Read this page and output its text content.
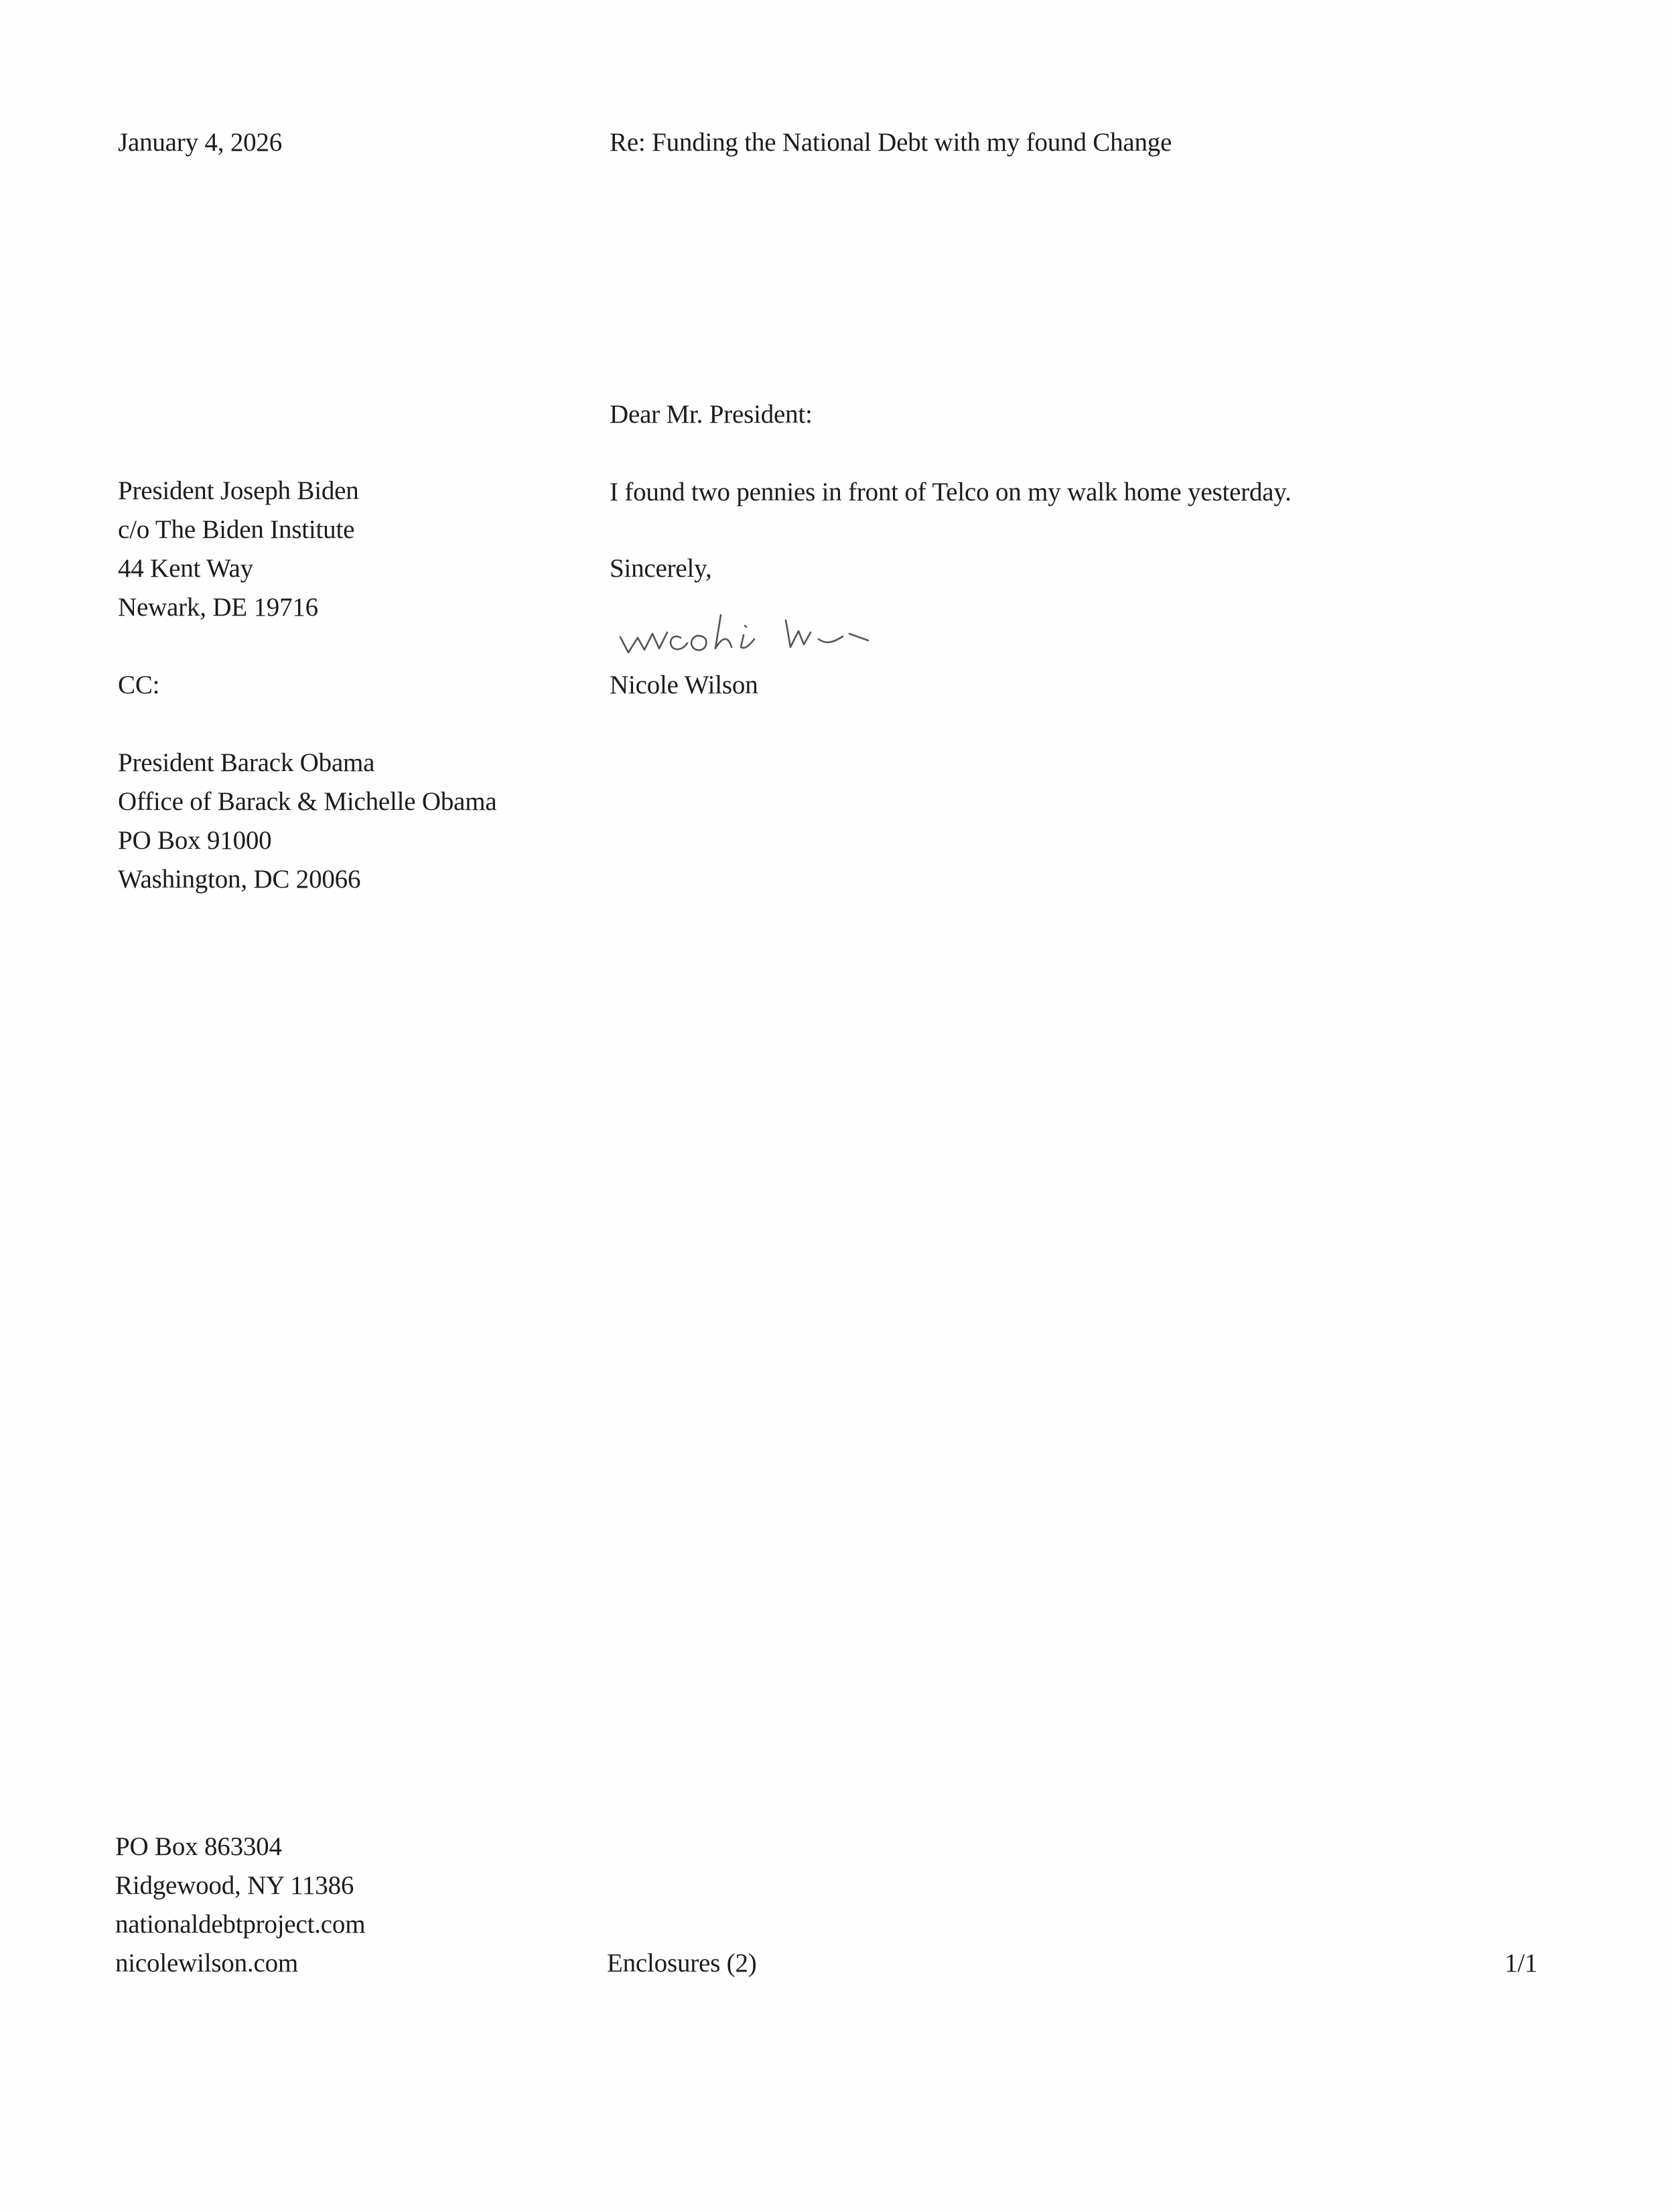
January 4, 2026	Re: Funding the National Debt with my found Change
Dear Mr. President:
I found two pennies in front of Telco on my walk home yesterday.
Sincerely,
Nicole Wilson
President Joseph Biden
c/o The Biden Institute
44 Kent Way
Newark, DE 19716
CC:
President Barack Obama
Office of Barack & Michelle Obama
PO Box 91000
Washington, DC 20066
PO Box 863304
Ridgewood, NY 11386
nationaldebtproject.com
nicolewilson.com	Enclosures (2)	1/1
